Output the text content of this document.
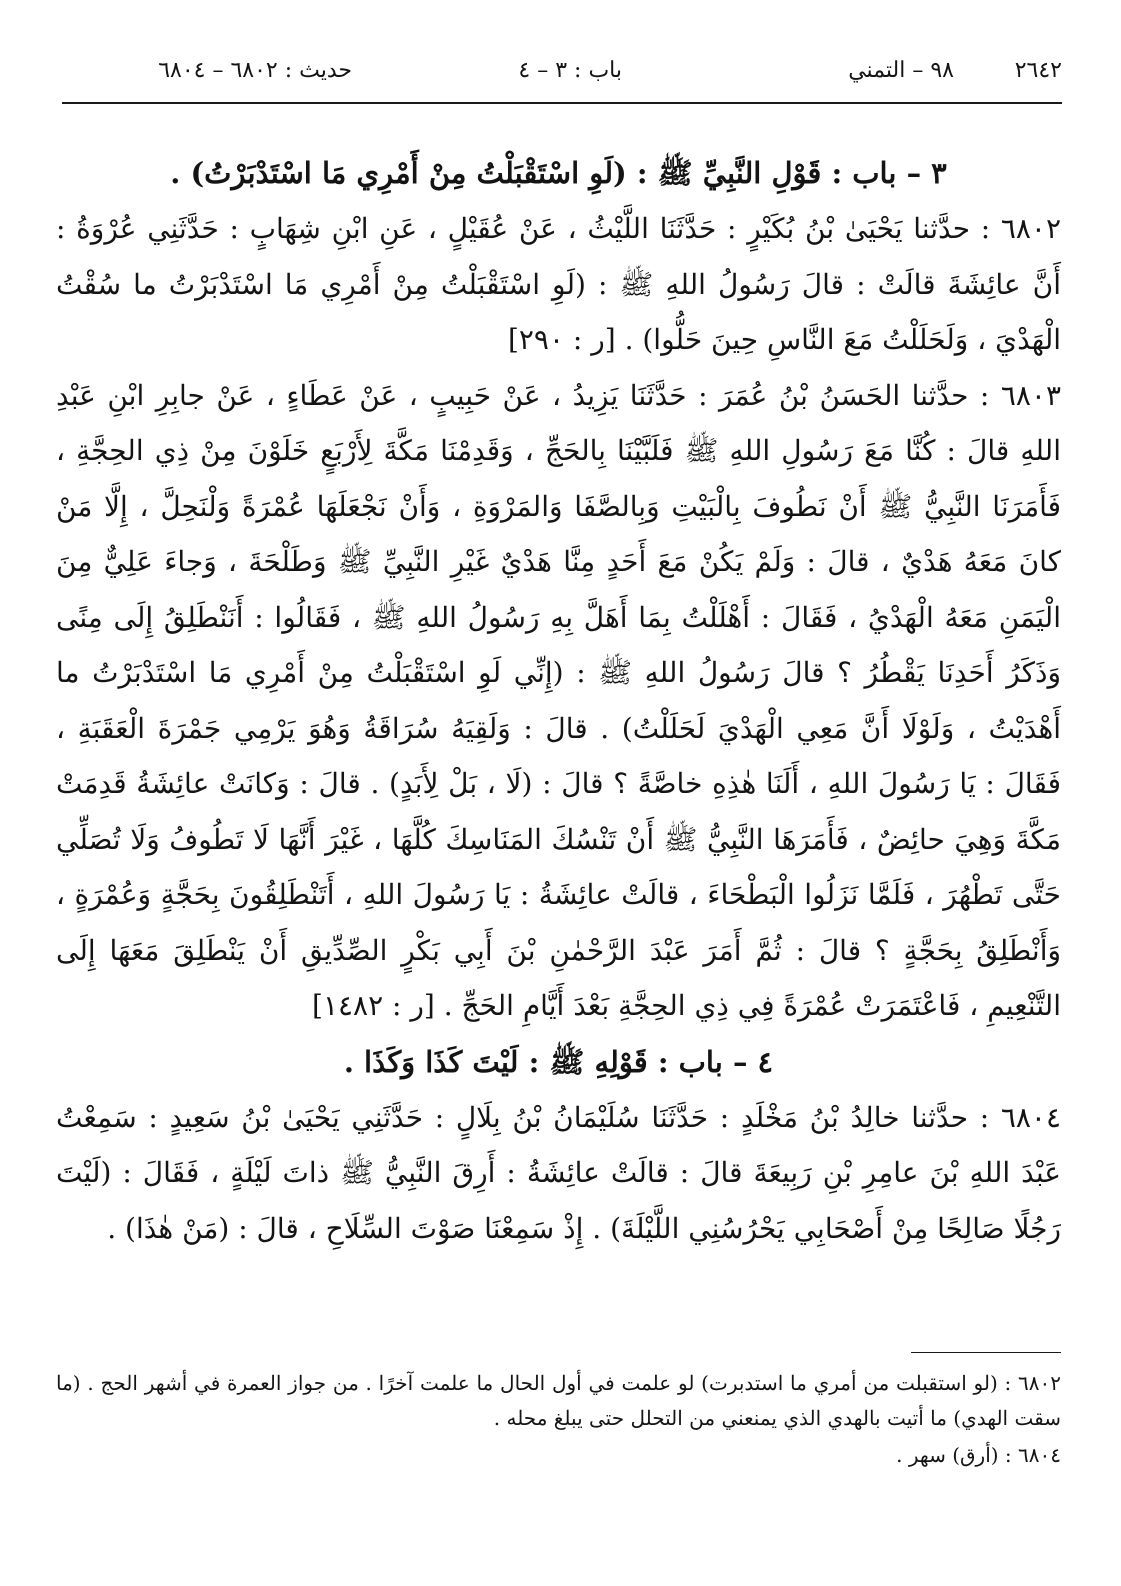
٢٦٤٢
٩٨ – التمني
باب : ٣ – ٤
حديث : ٦٨٠٢ – ٦٨٠٤

٣ – باب : قَوْلِ النَّبِيِّ ﷺ : (لَوِ اسْتَقْبَلْتُ مِنْ أَمْرِي مَا اسْتَدْبَرْتُ) .

٦٨٠٢ : حدَّثنا يَحْيَىٰ بْنُ بُكَيْرٍ : حَدَّثَنَا اللَّيْثُ ، عَنْ عُقَيْلٍ ، عَنِ ابْنِ شِهَابٍ : حَدَّثَنِي عُرْوَةُ : أَنَّ عائِشَةَ قالَتْ : قالَ رَسُولُ اللهِ ﷺ : (لَوِ اسْتَقْبَلْتُ مِنْ أَمْرِي مَا اسْتَدْبَرْتُ ما سُقْتُ الْهَدْيَ ، وَلَحَلَلْتُ مَعَ النَّاسِ حِينَ حَلُّوا) . [ر : ٢٩٠]

٦٨٠٣ : حدَّثنا الحَسَنُ بْنُ عُمَرَ : حَدَّثَنَا يَزِيدُ ، عَنْ حَبِيبٍ ، عَنْ عَطَاءٍ ، عَنْ جابِرِ ابْنِ عَبْدِ اللهِ قالَ : كُنَّا مَعَ رَسُولِ اللهِ ﷺ فَلَبَّيْنَا بِالحَجِّ ، وَقَدِمْنَا مَكَّةَ لِأَرْبَعٍ خَلَوْنَ مِنْ ذِي الحِجَّةِ ، فَأَمَرَنَا النَّبِيُّ ﷺ أَنْ نَطُوفَ بِالْبَيْتِ وَبِالصَّفَا وَالمَرْوَةِ ، وَأَنْ نَجْعَلَهَا عُمْرَةً وَلْنَحِلَّ ، إِلَّا مَنْ كانَ مَعَهُ هَدْيٌ ، قالَ : وَلَمْ يَكُنْ مَعَ أَحَدٍ مِنَّا هَدْيٌ غَيْرِ النَّبِيِّ ﷺ وَطَلْحَةَ ، وَجاءَ عَلِيٌّ مِنَ الْيَمَنِ مَعَهُ الْهَدْيُ ، فَقَالَ : أَهْلَلْتُ بِمَا أَهَلَّ بِهِ رَسُولُ اللهِ ﷺ ، فَقَالُوا : أَنَنْطَلِقُ إِلَى مِنًى وَذَكَرُ أَحَدِنَا يَقْطُرُ ؟ قالَ رَسُولُ اللهِ ﷺ : (إِنِّي لَوِ اسْتَقْبَلْتُ مِنْ أَمْرِي مَا اسْتَدْبَرْتُ ما أَهْدَيْتُ ، وَلَوْلَا أَنَّ مَعِي الْهَدْيَ لَحَلَلْتُ) . قالَ : وَلَقِيَهُ سُرَاقَةُ وَهُوَ يَرْمِي جَمْرَةَ الْعَقَبَةِ ، فَقَالَ : يَا رَسُولَ اللهِ ، أَلَنَا هٰذِهِ خاصَّةً ؟ قالَ : (لَا ، بَلْ لِأَبَدٍ) . قالَ : وَكانَتْ عائِشَةُ قَدِمَتْ مَكَّةَ وَهِيَ حائِضٌ ، فَأَمَرَهَا النَّبِيُّ ﷺ أَنْ تَنْسُكَ المَنَاسِكَ كُلَّهَا ، غَيْرَ أَنَّهَا لَا تَطُوفُ وَلَا تُصَلِّي حَتَّى تَطْهُرَ ، فَلَمَّا نَزَلُوا الْبَطْحَاءَ ، قالَتْ عائِشَةُ : يَا رَسُولَ اللهِ ، أَتَنْطَلِقُونَ بِحَجَّةٍ وَعُمْرَةٍ ، وَأَنْطَلِقُ بِحَجَّةٍ ؟ قالَ : ثُمَّ أَمَرَ عَبْدَ الرَّحْمٰنِ بْنَ أَبِي بَكْرٍ الصِّدِّيقِ أَنْ يَنْطَلِقَ مَعَهَا إِلَى التَّنْعِيمِ ، فَاعْتَمَرَتْ عُمْرَةً فِي ذِي الحِجَّةِ بَعْدَ أَيَّامِ الحَجِّ . [ر : ١٤٨٢]

٤ – باب : قَوْلِهِ ﷺ : لَيْتَ كَذَا وَكَذَا .

٦٨٠٤ : حدَّثنا خالِدُ بْنُ مَخْلَدٍ : حَدَّثَنَا سُلَيْمَانُ بْنُ بِلَالٍ : حَدَّثَنِي يَحْيَىٰ بْنُ سَعِيدٍ : سَمِعْتُ عَبْدَ اللهِ بْنَ عامِرِ بْنِ رَبِيعَةَ قالَ : قالَتْ عائِشَةُ : أَرِقَ النَّبِيُّ ﷺ ذاتَ لَيْلَةٍ ، فَقَالَ : (لَيْتَ رَجُلًا صَالِحًا مِنْ أَصْحَابِي يَحْرُسُنِي اللَّيْلَةَ) . إِذْ سَمِعْنَا صَوْتَ السِّلَاحِ ، قالَ : (مَنْ هٰذَا) .

٦٨٠٢ : (لو استقبلت من أمري ما استدبرت) لو علمت في أول الحال ما علمت آخرًا . من جواز العمرة في أشهر الحج . (ما سقت الهدي) ما أتيت بالهدي الذي يمنعني من التحلل حتى يبلغ محله .

٦٨٠٤ : (أرق) سهر .
